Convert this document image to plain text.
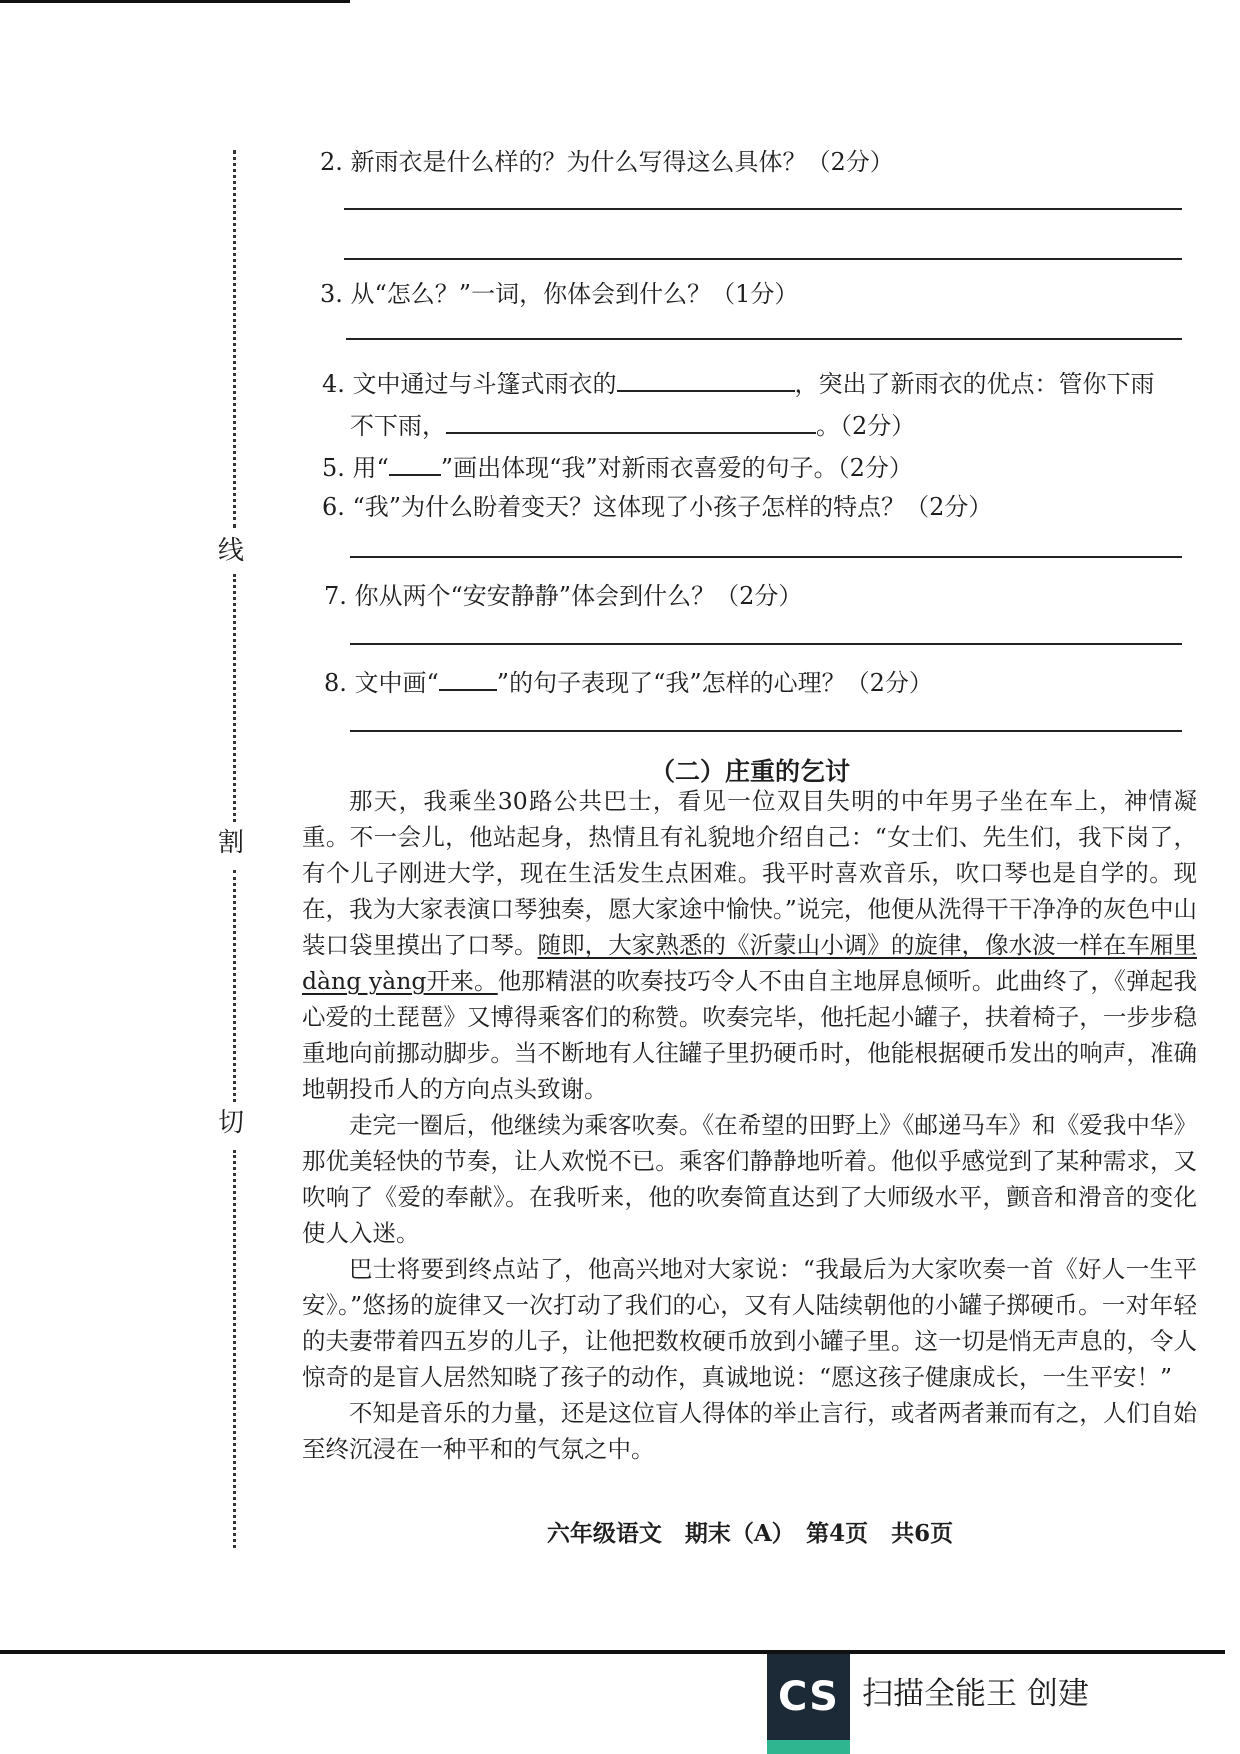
线
割
切
2. 新雨衣是什么样的？为什么写得这么具体？（2分）
3. 从“怎么？”一词，你体会到什么？（1分）
4. 文中通过与斗篷式雨衣的	，突出了新雨衣的优点：管你下雨
不下雨，	。（2分）
5. 用“ ”画出体现“我”对新雨衣喜爱的句子。（2分）
6. “我”为什么盼着变天？这体现了小孩子怎样的特点？（2分）
7. 你从两个“安安静静”体会到什么？（2分）
8. 文中画“ ”的句子表现了“我”怎样的心理？（2分）
（二）庄重的乞讨

那天，我乘坐30路公共巴士，看见一位双目失明的中年男子坐在车上，神情凝重。不一会儿，他站起身，热情且有礼貌地介绍自己：“女士们、先生们，我下岗了，有个儿子刚进大学，现在生活发生点困难。我平时喜欢音乐，吹口琴也是自学的。现在，我为大家表演口琴独奏，愿大家途中愉快。”说完，他便从洗得干干净净的灰色中山装口袋里摸出了口琴。随即，大家熟悉的《沂蒙山小调》的旋律，像水波一样在车厢里dàng yàng开来。他那精湛的吹奏技巧令人不由自主地屏息倾听。此曲终了，《弹起我心爱的土琵琶》又博得乘客们的称赞。吹奏完毕，他托起小罐子，扶着椅子，一步步稳重地向前挪动脚步。当不断地有人往罐子里扔硬币时，他能根据硬币发出的响声，准确地朝投币人的方向点头致谢。

走完一圈后，他继续为乘客吹奏。《在希望的田野上》《邮递马车》和《爱我中华》那优美轻快的节奏，让人欢悦不已。乘客们静静地听着。他似乎感觉到了某种需求，又吹响了《爱的奉献》。在我听来，他的吹奏简直达到了大师级水平，颤音和滑音的变化使人入迷。

巴士将要到终点站了，他高兴地对大家说：“我最后为大家吹奏一首《好人一生平安》。”悠扬的旋律又一次打动了我们的心，又有人陆续朝他的小罐子掷硬币。一对年轻的夫妻带着四五岁的儿子，让他把数枚硬币放到小罐子里。这一切是悄无声息的，令人惊奇的是盲人居然知晓了孩子的动作，真诚地说：“愿这孩子健康成长，一生平安！”

不知是音乐的力量，还是这位盲人得体的举止言行，或者两者兼而有之，人们自始至终沉浸在一种平和的气氛之中。

六年级语文　期末（A）　第4页　共6页
CS 扫描全能王 创建
